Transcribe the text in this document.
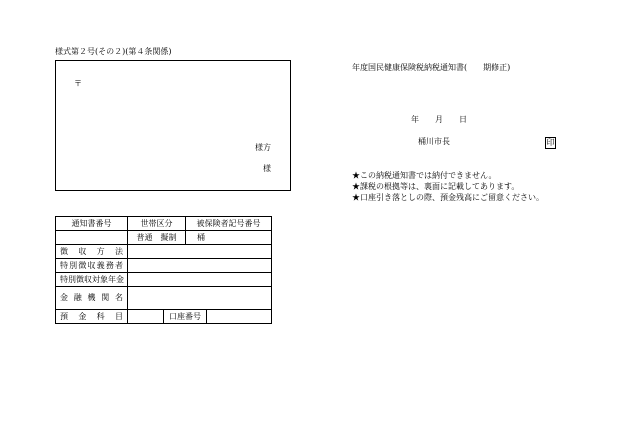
様式第２号(その２)(第４条関係)
〒
様方
様
年度国民健康保険税納税通知書(　　期修正)
年　　月　　日
桶川市長	印
★この納税通知書では納付できません。
★課税の根拠等は、裏面に記載してあります。
★口座引き落としの際、預金残高にご留意ください。
通知書番号	世帯区分		被保険者記号番号	
	普通　擬制		桶	
徴　収　方　法				
特別徴収義務者				
特別徴収対象年金				
金融機関名				
預　金　科　目		口座番号		
